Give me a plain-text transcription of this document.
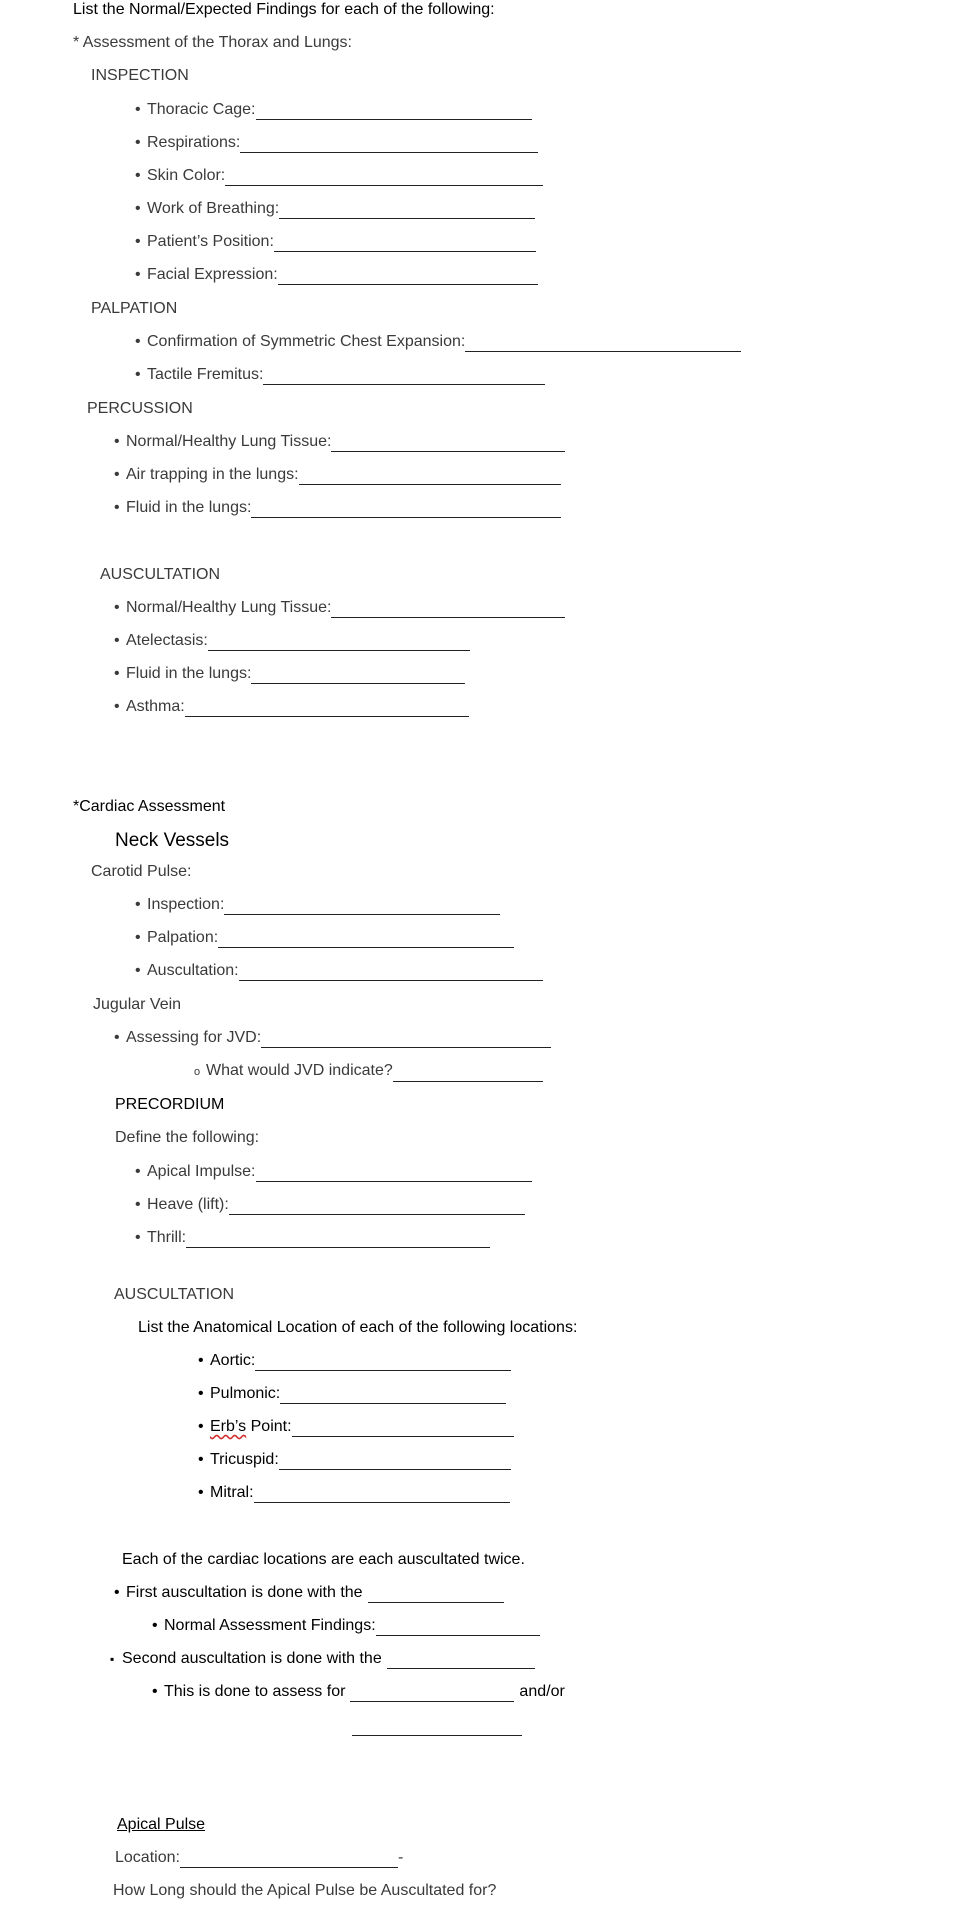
List the Normal/Expected Findings for each of the following:
* Assessment of the Thorax and Lungs:
INSPECTION
• Thoracic Cage:
• Respirations:
• Skin Color:
• Work of Breathing:
• Patient’s Position:
• Facial Expression:
PALPATION
• Confirmation of Symmetric Chest Expansion:
• Tactile Fremitus:
PERCUSSION
• Normal/Healthy Lung Tissue:
• Air trapping in the lungs:
• Fluid in the lungs:
AUSCULTATION
• Normal/Healthy Lung Tissue:
• Atelectasis:
• Fluid in the lungs:
• Asthma:
*Cardiac Assessment
Neck Vessels
Carotid Pulse:
• Inspection:
• Palpation:
• Auscultation:
Jugular Vein
• Assessing for JVD:
o What would JVD indicate?
PRECORDIUM
Define the following:
• Apical Impulse:
• Heave (lift):
• Thrill:
AUSCULTATION
List the Anatomical Location of each of the following locations:
• Aortic:
• Pulmonic:
• Erb’s Point:
• Tricuspid:
• Mitral:
Each of the cardiac locations are each auscultated twice.
• First auscultation is done with the
• Normal Assessment Findings:
▪ Second auscultation is done with the
• This is done to assess for	and/or
Apical Pulse
Location:	-
How Long should the Apical Pulse be Auscultated for?
